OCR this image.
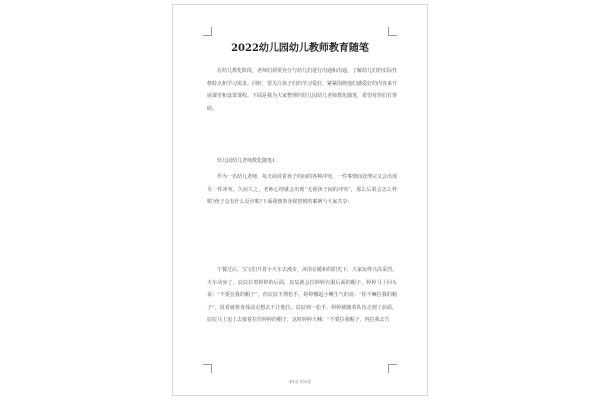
2022幼儿园幼儿教师教育随笔

在幼儿教化阶段，老师们须要充分与幼儿们进行沟通和沟通，了解幼儿们的实际性格特点和学习需求。同时，要关注孩子们的学习爱好，紧紧围绕他们感爱好的内容来开展课堂和设置课程。下面是我为大家整理的幼儿园幼儿老师教化随笔，希望对你们有帮助。

幼儿园幼儿老师教化随笔1

作为一名幼儿老师，每天面对着孩子的间的各种冲突，一件事情间处理完又会出现另一件冲突，久而久之，老师心理就会出现“无视孩子间的冲突”，那么后果会怎么样呢?孩子会有什么反应呢?下面我想参身视察到的案例与大家共享：

午餐过后，宝宝们开着小火车去漫步，沐浴在暖和的阳光下，大家玩得兴高采烈。火车动身了，辰辰拉着婷婷的后面，辰辰就会拉婷婷衣服后面的帽子，婷婷马上回头说：“不要拉我的帽子”，但辰辰不理松手，婷婷嘟起小嘴生气的说：“你不嘛拉我的帽子”，说着就将身体前走想去不让他拉，辰辰则一松手，婷婷就随着队伍走到了前面，辰辰马上追上去接着拉住婷婷的帽子，这时婷婷大喊：“不要拉我帽子，再拉我去告

第1页 共10页
